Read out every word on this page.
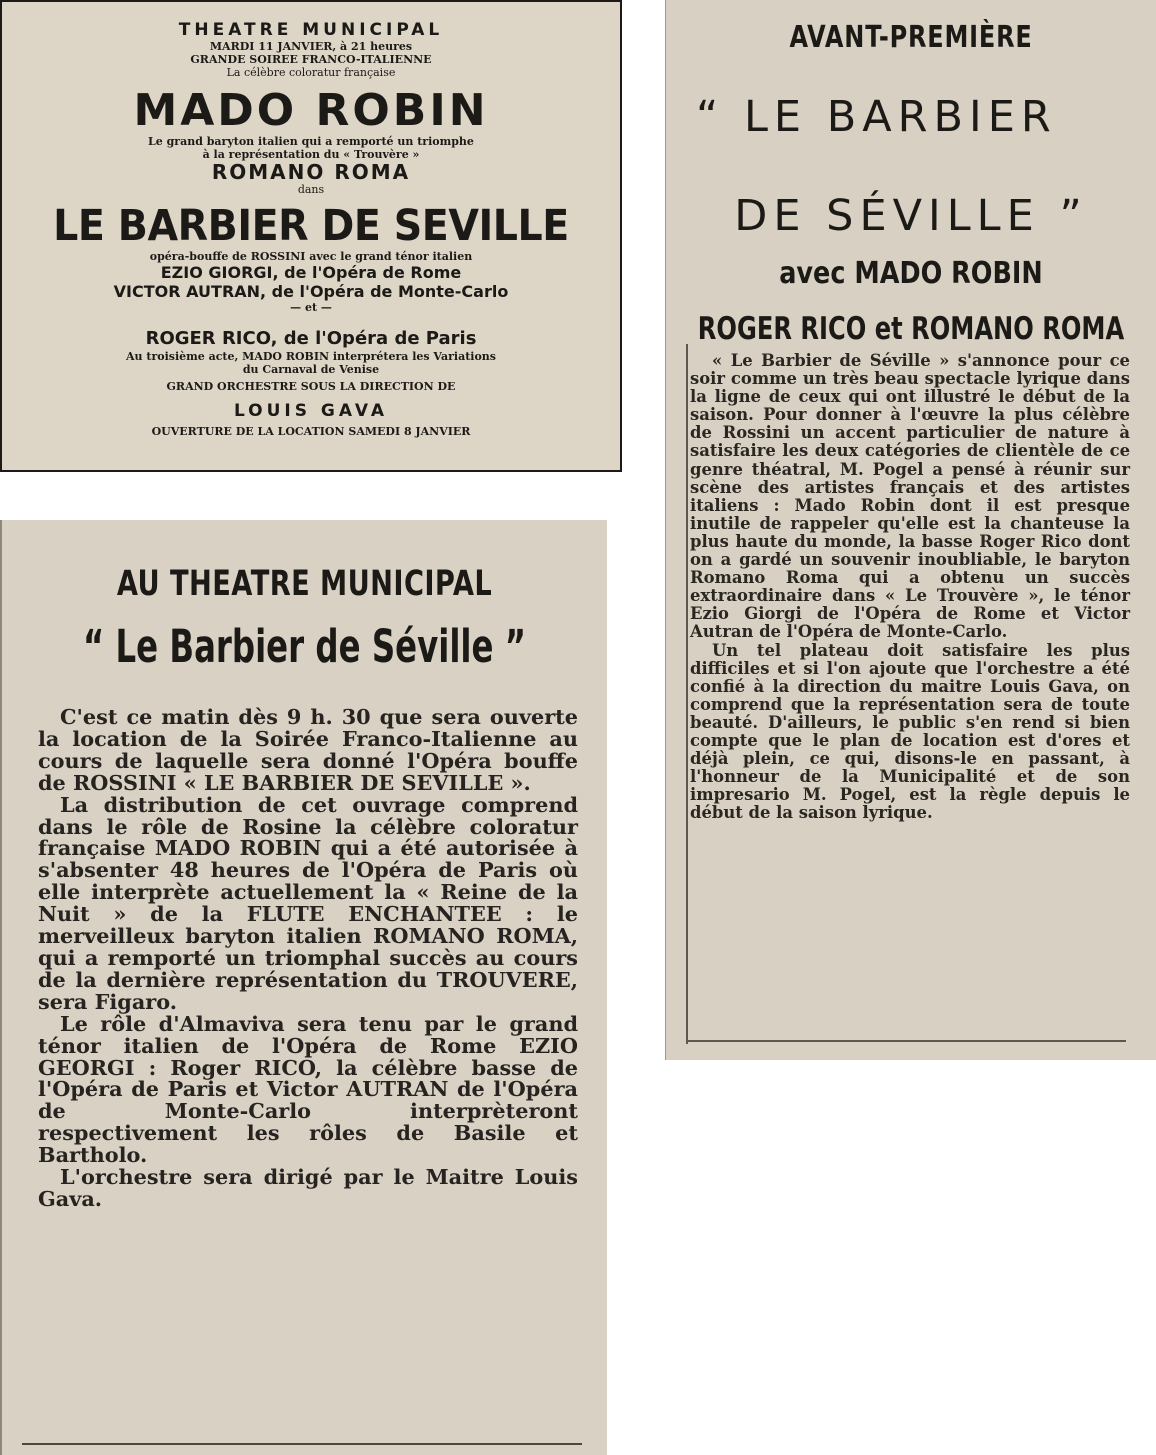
THEATRE MUNICIPAL

MARDI 11 JANVIER, à 21 heures

GRANDE SOIREE FRANCO-ITALIENNE

La célèbre coloratur française

MADO ROBIN

Le grand baryton italien qui a remporté un triomphe

à la représentation du « Trouvère »

ROMANO ROMA

dans

LE BARBIER DE SEVILLE

opéra-bouffe de ROSSINI avec le grand ténor italien

EZIO GIORGI, de l'Opéra de Rome

VICTOR AUTRAN, de l'Opéra de Monte-Carlo

— et —

ROGER RICO, de l'Opéra de Paris

Au troisième acte, MADO ROBIN interprétera les Variations

du Carnaval de Venise

GRAND ORCHESTRE SOUS LA DIRECTION DE

LOUIS GAVA

OUVERTURE DE LA LOCATION SAMEDI 8 JANVIER

AVANT-PREMIÈRE

“ LE BARBIER

DE SÉVILLE ”

avec MADO ROBIN

ROGER RICO et ROMANO ROMA

« Le Barbier de Séville » s'annonce pour ce soir comme un très beau spectacle lyrique dans la ligne de ceux qui ont illustré le début de la saison. Pour donner à l'œuvre la plus célèbre de Rossini un accent particulier de nature à satisfaire les deux catégories de clientèle de ce genre théatral, M. Pogel a pensé à réunir sur scène des artistes français et des artistes italiens : Mado Robin dont il est presque inutile de rappeler qu'elle est la chanteuse la plus haute du monde, la basse Roger Rico dont on a gardé un souvenir inoubliable, le baryton Romano Roma qui a obtenu un succès extraordinaire dans « Le Trouvère », le ténor Ezio Giorgi de l'Opéra de Rome et Victor Autran de l'Opéra de Monte-Carlo.

Un tel plateau doit satisfaire les plus difficiles et si l'on ajoute que l'orchestre a été confié à la direction du maitre Louis Gava, on comprend que la représentation sera de toute beauté. D'ailleurs, le public s'en rend si bien compte que le plan de location est d'ores et déjà plein, ce qui, disons-le en passant, à l'honneur de la Municipalité et de son impresario M. Pogel, est la règle depuis le début de la saison lyrique.

AU THEATRE MUNICIPAL

“ Le Barbier de Séville ”

C'est ce matin dès 9 h. 30 que sera ouverte la location de la Soirée Franco-Italienne au cours de laquelle sera donné l'Opéra bouffe de ROSSINI « LE BARBIER DE SEVILLE ».

La distribution de cet ouvrage comprend dans le rôle de Rosine la célèbre coloratur française MADO ROBIN qui a été autorisée à s'absenter 48 heures de l'Opéra de Paris où elle interprète actuellement la « Reine de la Nuit » de la FLUTE ENCHANTEE : le merveilleux baryton italien ROMANO ROMA, qui a remporté un triomphal succès au cours de la dernière représentation du TROUVERE, sera Figaro.

Le rôle d'Almaviva sera tenu par le grand ténor italien de l'Opéra de Rome EZIO GEORGI : Roger RICO, la célèbre basse de l'Opéra de Paris et Victor AUTRAN de l'Opéra de Monte-Carlo interprèteront respectivement les rôles de Basile et Bartholo.

L'orchestre sera dirigé par le Maitre Louis Gava.
